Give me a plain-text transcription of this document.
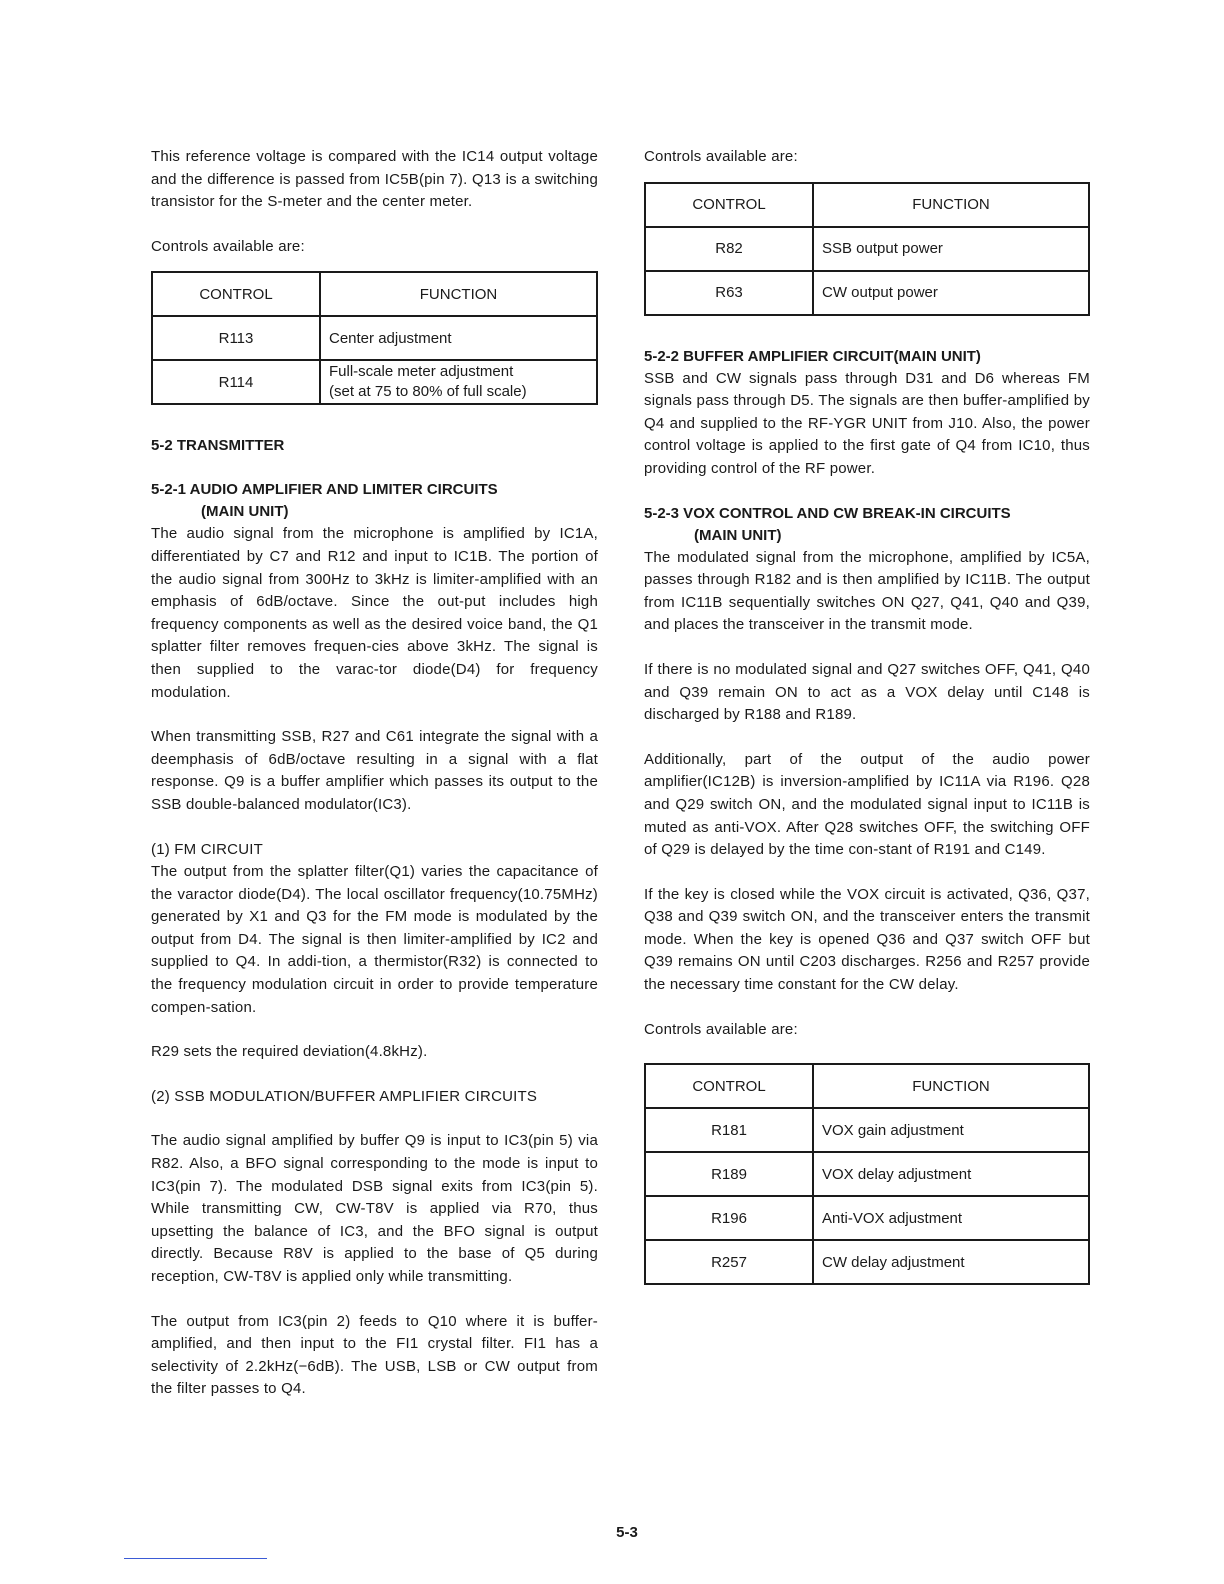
This reference voltage is compared with the IC14 output voltage and the difference is passed from IC5B(pin 7). Q13 is a switching transistor for the S-meter and the center meter.

Controls available are:

CONTROL	FUNCTION
R113	Center adjustment
R114	Full-scale meter adjustment
(set at 75 to 80% of full scale)

5-2 TRANSMITTER

5-2-1 AUDIO AMPLIFIER AND LIMITER CIRCUITS
(MAIN UNIT)

The audio signal from the microphone is amplified by IC1A, differentiated by C7 and R12 and input to IC1B. The portion of the audio signal from 300Hz to 3kHz is limiter-amplified with an emphasis of 6dB/octave. Since the out-put includes high frequency components as well as the desired voice band, the Q1 splatter filter removes frequen-cies above 3kHz. The signal is then supplied to the varac-tor diode(D4) for frequency modulation.

When transmitting SSB, R27 and C61 integrate the signal with a deemphasis of 6dB/octave resulting in a signal with a flat response. Q9 is a buffer amplifier which passes its output to the SSB double-balanced modulator(IC3).

(1) FM CIRCUIT

The output from the splatter filter(Q1) varies the capacitance of the varactor diode(D4). The local oscillator frequency(10.75MHz) generated by X1 and Q3 for the FM mode is modulated by the output from D4. The signal is then limiter-amplified by IC2 and supplied to Q4. In addi-tion, a thermistor(R32) is connected to the frequency modulation circuit in order to provide temperature compen-sation.

R29 sets the required deviation(4.8kHz).

(2) SSB MODULATION/BUFFER AMPLIFIER CIRCUITS

The audio signal amplified by buffer Q9 is input to IC3(pin 5) via R82. Also, a BFO signal corresponding to the mode is input to IC3(pin 7). The modulated DSB signal exits from IC3(pin 5). While transmitting CW, CW-T8V is applied via R70, thus upsetting the balance of IC3, and the BFO signal is output directly. Because R8V is applied to the base of Q5 during reception, CW-T8V is applied only while transmitting.

The output from IC3(pin 2) feeds to Q10 where it is buffer-amplified, and then input to the FI1 crystal filter. FI1 has a selectivity of 2.2kHz(−6dB). The USB, LSB or CW output from the filter passes to Q4.

Controls available are:

CONTROL	FUNCTION
R82	SSB output power
R63	CW output power

5-2-2 BUFFER AMPLIFIER CIRCUIT(MAIN UNIT)

SSB and CW signals pass through D31 and D6 whereas FM signals pass through D5. The signals are then buffer-amplified by Q4 and supplied to the RF-YGR UNIT from J10. Also, the power control voltage is applied to the first gate of Q4 from IC10, thus providing control of the RF power.

5-2-3 VOX CONTROL AND CW BREAK-IN CIRCUITS
(MAIN UNIT)

The modulated signal from the microphone, amplified by IC5A, passes through R182 and is then amplified by IC11B. The output from IC11B sequentially switches ON Q27, Q41, Q40 and Q39, and places the transceiver in the transmit mode.

If there is no modulated signal and Q27 switches OFF, Q41, Q40 and Q39 remain ON to act as a VOX delay until C148 is discharged by R188 and R189.

Additionally, part of the output of the audio power amplifier(IC12B) is inversion-amplified by IC11A via R196. Q28 and Q29 switch ON, and the modulated signal input to IC11B is muted as anti-VOX. After Q28 switches OFF, the switching OFF of Q29 is delayed by the time con-stant of R191 and C149.

If the key is closed while the VOX circuit is activated, Q36, Q37, Q38 and Q39 switch ON, and the transceiver enters the transmit mode. When the key is opened Q36 and Q37 switch OFF but Q39 remains ON until C203 discharges. R256 and R257 provide the necessary time constant for the CW delay.

Controls available are:

CONTROL	FUNCTION
R181	VOX gain adjustment
R189	VOX delay adjustment
R196	Anti-VOX adjustment
R257	CW delay adjustment
5-3
